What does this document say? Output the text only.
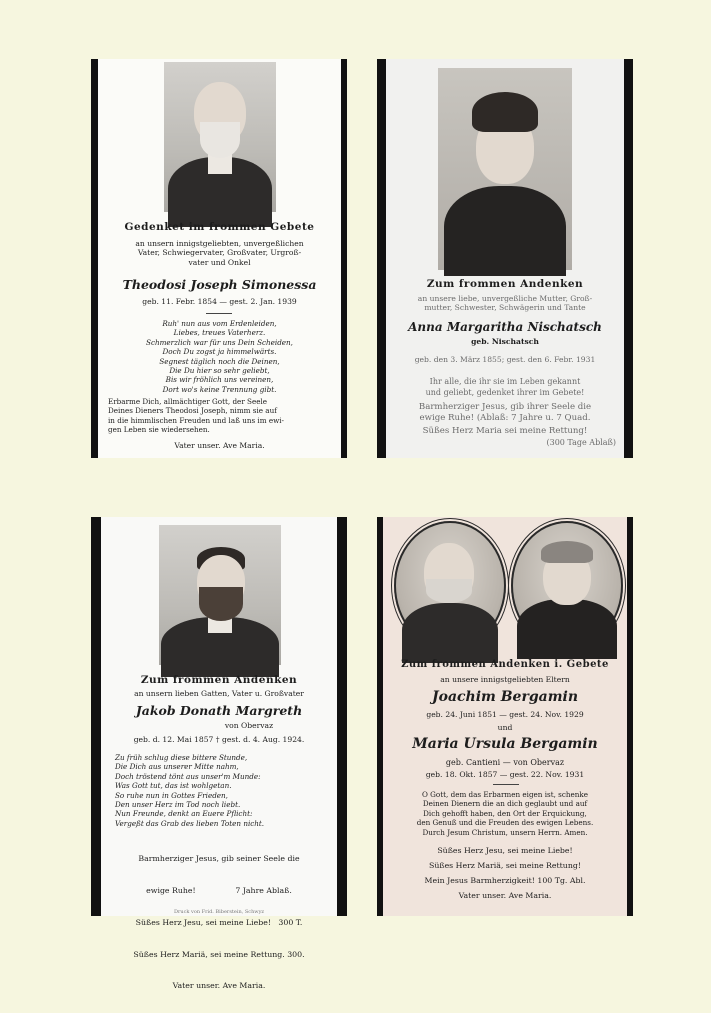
Gedenket im frommen Gebete
an unsern innigstgeliebten, unvergeßlichen
Vater, Schwiegervater, Großvater, Urgroß-
vater und Onkel
Theodosi Joseph Simonessa
geb. 11. Febr. 1854 — gest. 2. Jan. 1939
Ruh' nun aus vom Erdenleiden,
Liebes, treues Vaterherz.
Schmerzlich war für uns Dein Scheiden,
Doch Du zogst ja himmelwärts.
Segnest täglich noch die Deinen,
Die Du hier so sehr geliebt,
Bis wir fröhlich uns vereinen,
Dort wo's keine Trennung gibt.
Erbarme Dich, allmächtiger Gott, der Seele
Deines Dieners Theodosi Joseph, nimm sie auf
in die himmlischen Freuden und laß uns im ewi-
gen Leben sie wiedersehen.
Vater unser. Ave Maria.
Zum frommen Andenken
an unsere liebe, unvergeßliche Mutter, Groß-
mutter, Schwester, Schwägerin und Tante
Anna Margaritha Nischatsch
geb. Nischatsch
geb. den 3. März 1855; gest. den 6. Febr. 1931
Ihr alle, die ihr sie im Leben gekannt
und geliebt, gedenket ihrer im Gebete!
Barmherziger Jesus, gib ihrer Seele die
ewige Ruhe! (Ablaß: 7 Jahre u. 7 Quad.
Süßes Herz Maria sei meine Rettung!
(300 Tage Ablaß)
Zum frommen Andenken
an unsern lieben Gatten, Vater u. Großvater
Jakob Donath Margreth
von Obervaz
geb. d. 12. Mai 1857 † gest. d. 4. Aug. 1924.
Zu früh schlug diese bittere Stunde,
Die Dich aus unserer Mitte nahm,
Doch tröstend tönt aus unser'm Munde:
Was Gott tut, das ist wohlgetan.
So ruhe nun in Gottes Frieden,
Den unser Herz im Tod noch liebt.
Nun Freunde, denkt an Euere Pflicht:
Vergeßt das Grab des lieben Toten nicht.

Barmherziger Jesus, gib seiner Seele die

ewige Ruhe!                7 Jahre Ablaß.

Süßes Herz Jesu, sei meine Liebe!   300 T.

Süßes Herz Mariä, sei meine Rettung. 300.

Vater unser. Ave Maria.

Druck von Frid. Biberstein, Schwyz
Zum frommen Andenken i. Gebete
an unsere innigstgeliebten Eltern
Joachim Bergamin
geb. 24. Juni 1851 — gest. 24. Nov. 1929
und
Maria Ursula Bergamin
geb. Cantieni — von Obervaz
geb. 18. Okt. 1857 — gest. 22. Nov. 1931
O Gott, dem das Erbarmen eigen ist, schenke
Deinen Dienern die an dich geglaubt und auf
Dich gehofft haben, den Ort der Erquickung,
den Genuß und die Freuden des ewigen Lebens.
Durch Jesum Christum, unsern Herrn. Amen.
Süßes Herz Jesu, sei meine Liebe!
Süßes Herz Mariä, sei meine Rettung!
Mein Jesus Barmherzigkeit! 100 Tg. Abl.
Vater unser. Ave Maria.
